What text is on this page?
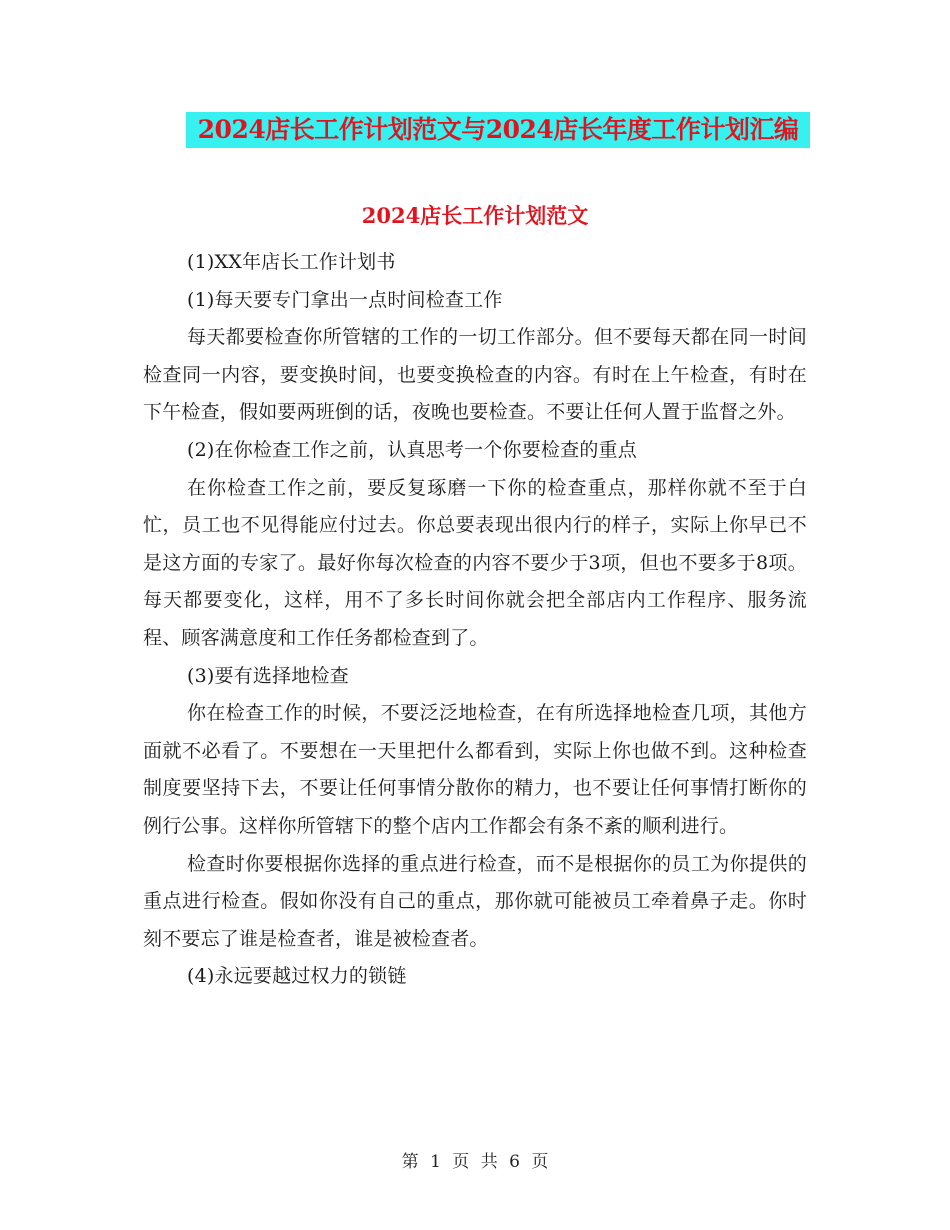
2024店长工作计划范文与2024店长年度工作计划汇编
2024店长工作计划范文

(1)XX年店长工作计划书

(1)每天要专门拿出一点时间检查工作

每天都要检查你所管辖的工作的一切工作部分。但不要每天都在同一时间检查同一内容，要变换时间，也要变换检查的内容。有时在上午检查，有时在下午检查，假如要两班倒的话，夜晚也要检查。不要让任何人置于监督之外。

(2)在你检查工作之前，认真思考一个你要检查的重点

在你检查工作之前，要反复琢磨一下你的检查重点，那样你就不至于白忙，员工也不见得能应付过去。你总要表现出很内行的样子，实际上你早已不是这方面的专家了。最好你每次检查的内容不要少于3项，但也不要多于8项。每天都要变化，这样，用不了多长时间你就会把全部店内工作程序、服务流程、顾客满意度和工作任务都检查到了。

(3)要有选择地检查

你在检查工作的时候，不要泛泛地检查，在有所选择地检查几项，其他方面就不必看了。不要想在一天里把什么都看到，实际上你也做不到。这种检查制度要坚持下去，不要让任何事情分散你的精力，也不要让任何事情打断你的例行公事。这样你所管辖下的整个店内工作都会有条不紊的顺利进行。

检查时你要根据你选择的重点进行检查，而不是根据你的员工为你提供的重点进行检查。假如你没有自己的重点，那你就可能被员工牵着鼻子走。你时刻不要忘了谁是检查者，谁是被检查者。

(4)永远要越过权力的锁链

第 1 页 共 6 页
